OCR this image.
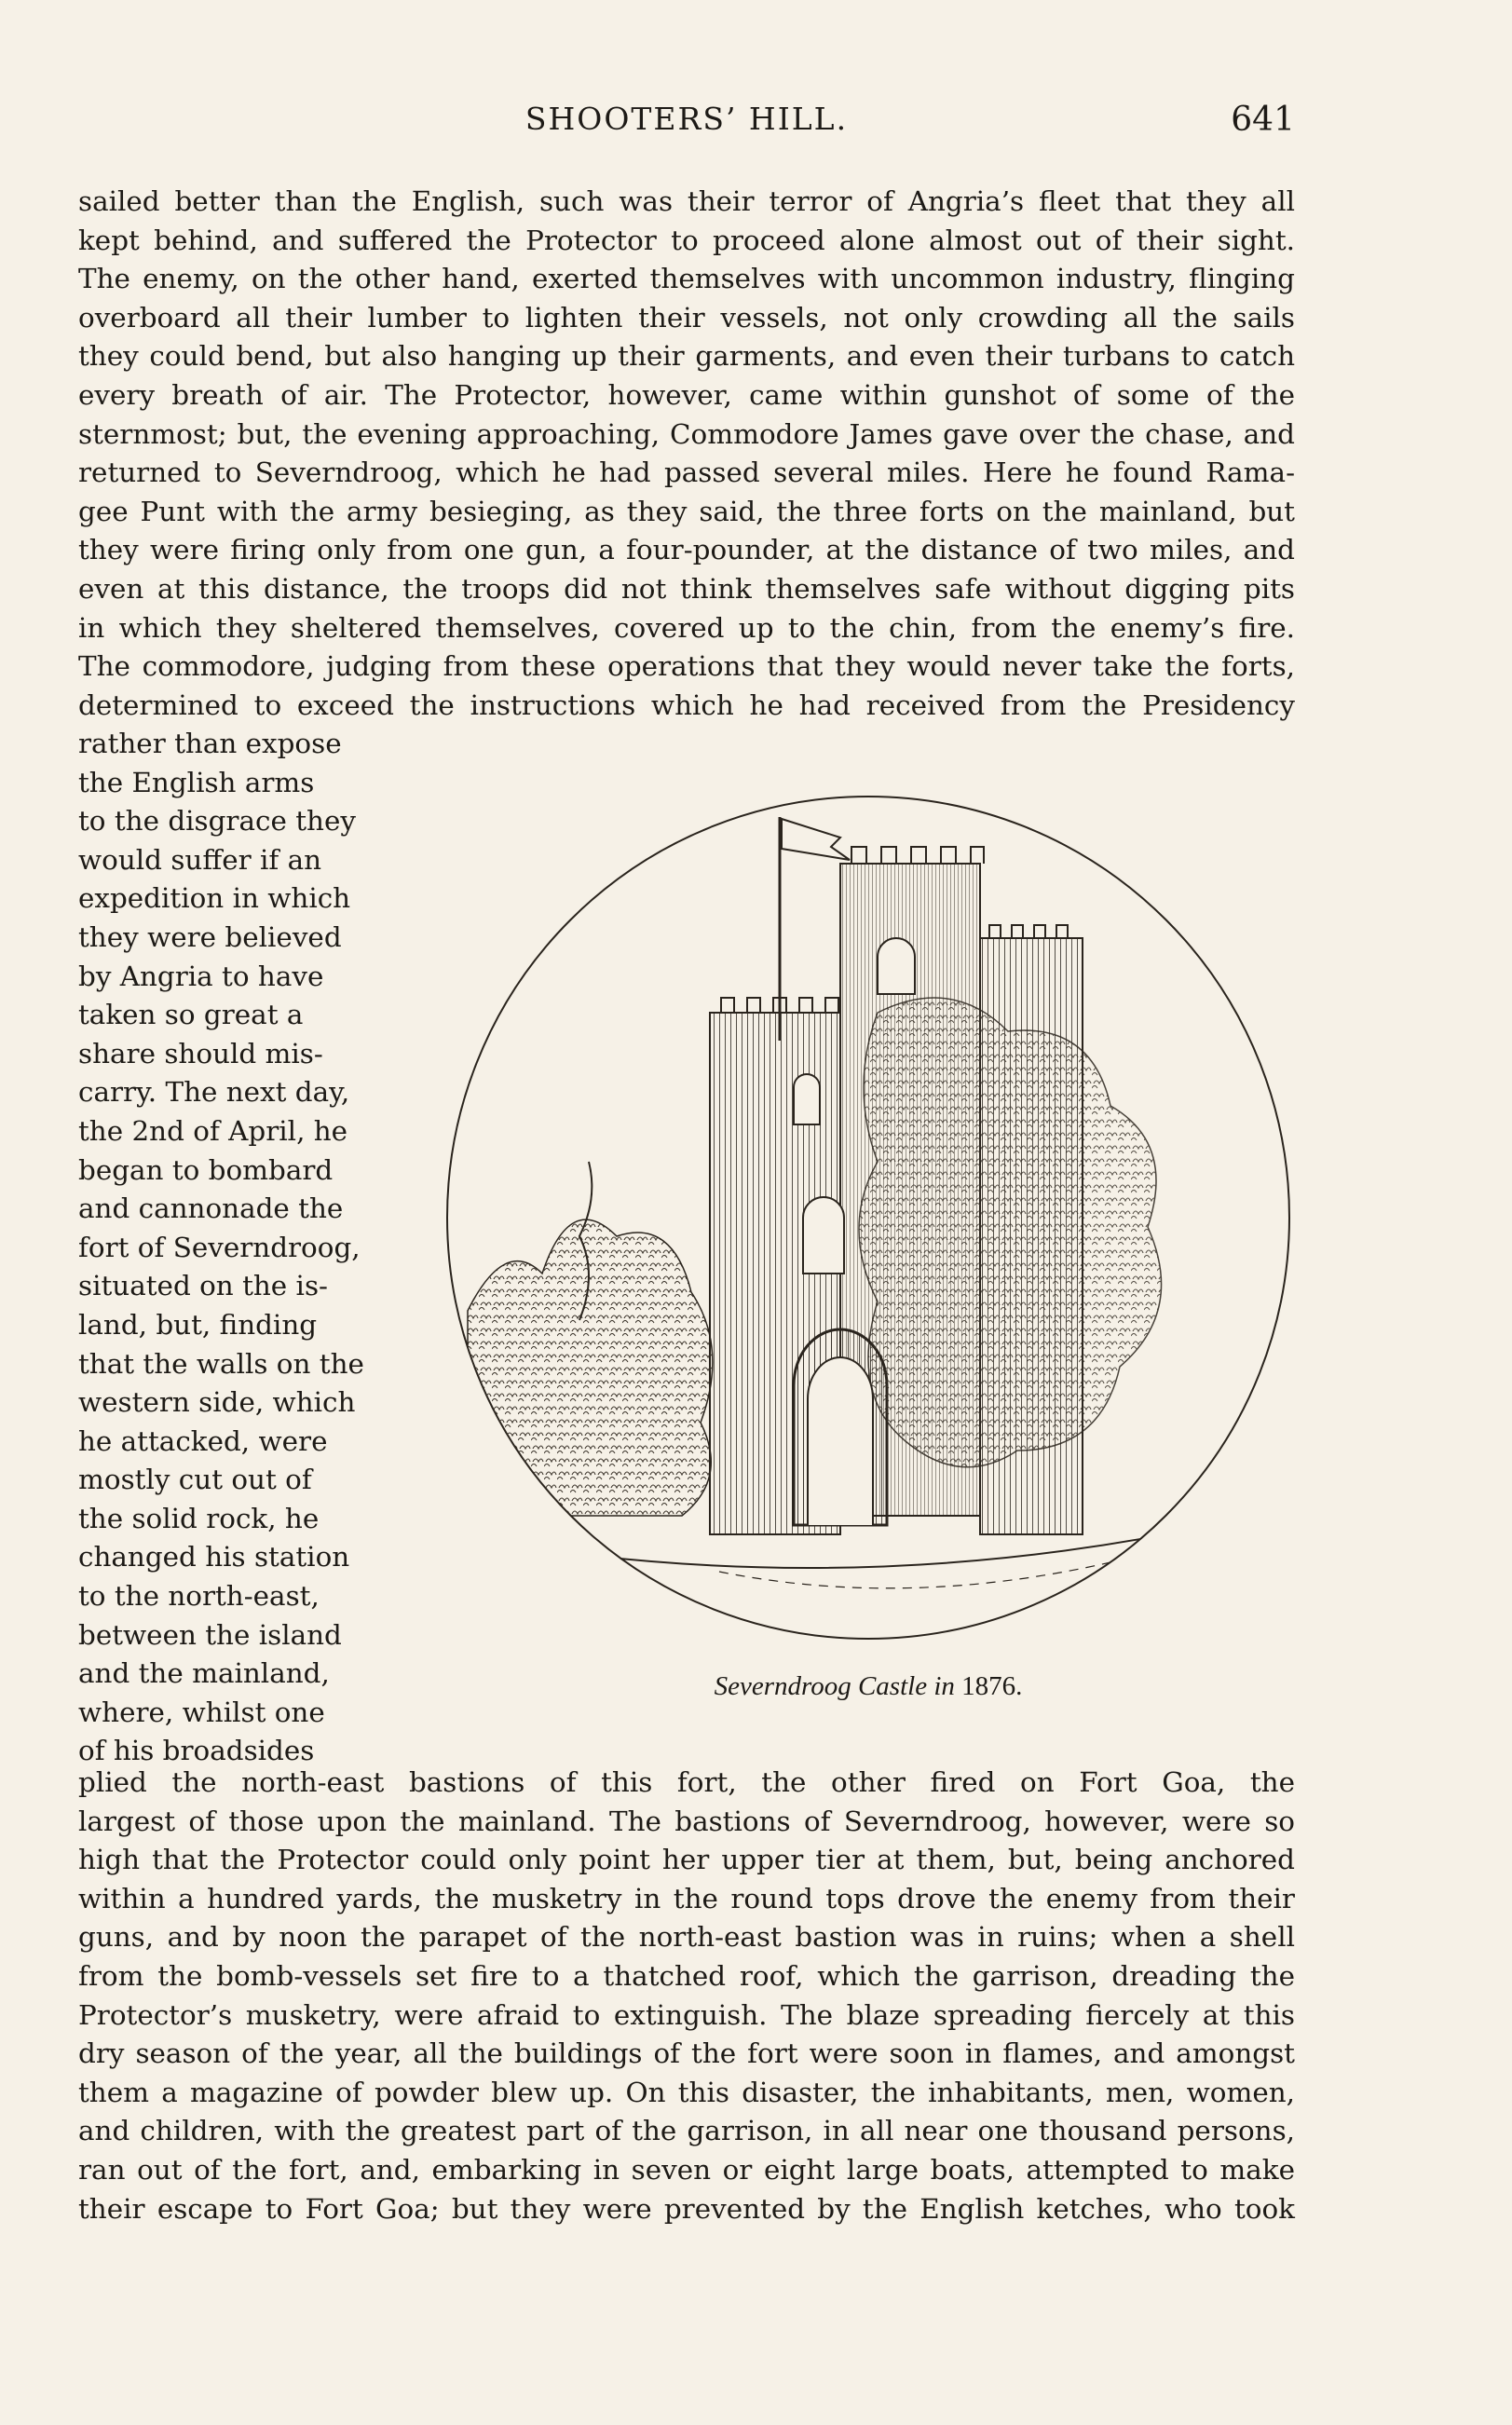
SHOOTERS’ HILL.	641
sailed better than the English, such was their terror of Angria’s fleet that they all
kept behind, and suffered the Protector to proceed alone almost out of their sight.
The enemy, on the other hand, exerted themselves with uncommon industry, flinging
overboard all their lumber to lighten their vessels, not only crowding all the sails
they could bend, but also hanging up their garments, and even their turbans to catch
every breath of air. The Protector, however, came within gunshot of some of the
sternmost; but, the evening approaching, Commodore James gave over the chase, and
returned to Severndroog, which he had passed several miles. Here he found Rama-
gee Punt with the army besieging, as they said, the three forts on the mainland, but
they were firing only from one gun, a four-pounder, at the distance of two miles, and
even at this distance, the troops did not think themselves safe without digging pits
in which they sheltered themselves, covered up to the chin, from the enemy’s fire.
The commodore, judging from these operations that they would never take the forts,
determined to exceed the instructions which he had received from the Presidency
rather than expose
the English arms
to the disgrace they
would suffer if an
expedition in which
they were believed
by Angria to have
taken so great a
share should mis-
carry. The next day,
the 2nd of April, he
began to bombard
and cannonade the
fort of Severndroog,
situated on the is-
land, but, finding
that the walls on the
western side, which
he attacked, were
mostly cut out of
the solid rock, he
changed his station
to the north-east,
between the island
and the mainland,
where, whilst one
of his broadsides
plied the north-east bastions of this fort, the other fired on Fort Goa, the
largest of those upon the mainland. The bastions of Severndroog, however, were so
high that the Protector could only point her upper tier at them, but, being anchored
within a hundred yards, the musketry in the round tops drove the enemy from their
guns, and by noon the parapet of the north-east bastion was in ruins; when a shell
from the bomb-vessels set fire to a thatched roof, which the garrison, dreading the
Protector’s musketry, were afraid to extinguish. The blaze spreading fiercely at this
dry season of the year, all the buildings of the fort were soon in flames, and amongst
them a magazine of powder blew up. On this disaster, the inhabitants, men, women,
and children, with the greatest part of the garrison, in all near one thousand persons,
ran out of the fort, and, embarking in seven or eight large boats, attempted to make
their escape to Fort Goa; but they were prevented by the English ketches, who took
Severndroog Castle in 1876.
